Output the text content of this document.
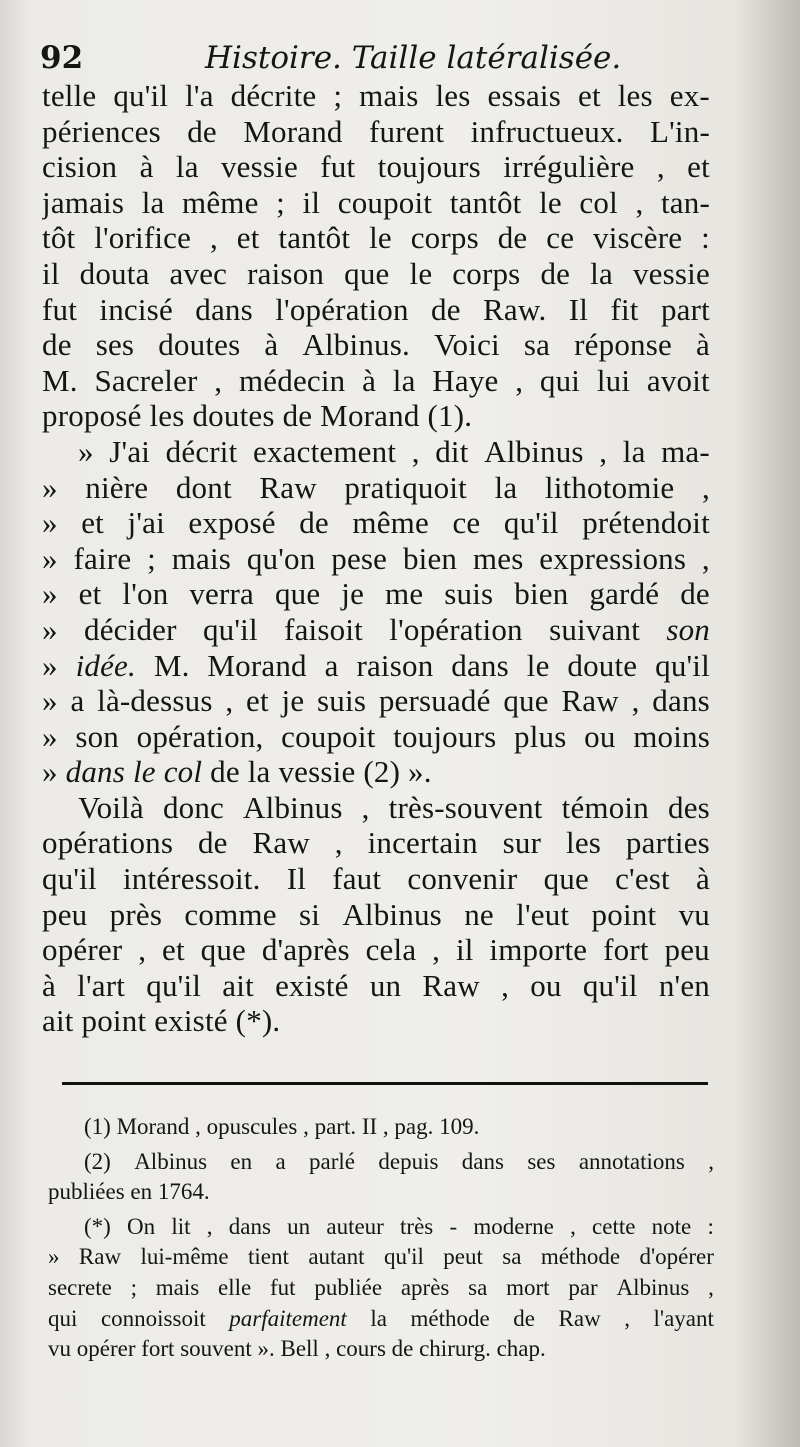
92	Histoire. Taille latéralisée.
telle qu'il l'a décrite ; mais les essais et les ex-
périences de Morand furent infructueux. L'in-
cision à la vessie fut toujours irrégulière , et
jamais la même ; il coupoit tantôt le col , tan-
tôt l'orifice , et tantôt le corps de ce viscère :
il douta avec raison que le corps de la vessie
fut incisé dans l'opération de Raw. Il fit part
de ses doutes à Albinus. Voici sa réponse à
M. Sacreler , médecin à la Haye , qui lui avoit
proposé les doutes de Morand (1).
» J'ai décrit exactement , dit Albinus , la ma-
» nière dont Raw pratiquoit la lithotomie ,
» et j'ai exposé de même ce qu'il prétendoit
» faire ; mais qu'on pese bien mes expressions ,
» et l'on verra que je me suis bien gardé de
» décider qu'il faisoit l'opération suivant son
» idée. M. Morand a raison dans le doute qu'il
» a là-dessus , et je suis persuadé que Raw , dans
» son opération, coupoit toujours plus ou moins
» dans le col de la vessie (2) ».
Voilà donc Albinus , très-souvent témoin des
opérations de Raw , incertain sur les parties
qu'il intéressoit. Il faut convenir que c'est à
peu près comme si Albinus ne l'eut point vu
opérer , et que d'après cela , il importe fort peu
à l'art qu'il ait existé un Raw , ou qu'il n'en
ait point existé (*).
(1) Morand , opuscules , part. II , pag. 109.
(2) Albinus en a parlé depuis dans ses annotations ,
publiées en 1764.
(*) On lit , dans un auteur très - moderne , cette note :
» Raw lui-même tient autant qu'il peut sa méthode d'opérer
secrete ; mais elle fut publiée après sa mort par Albinus ,
qui connoissoit parfaitement la méthode de Raw , l'ayant
vu opérer fort souvent ». Bell , cours de chirurg. chap.
